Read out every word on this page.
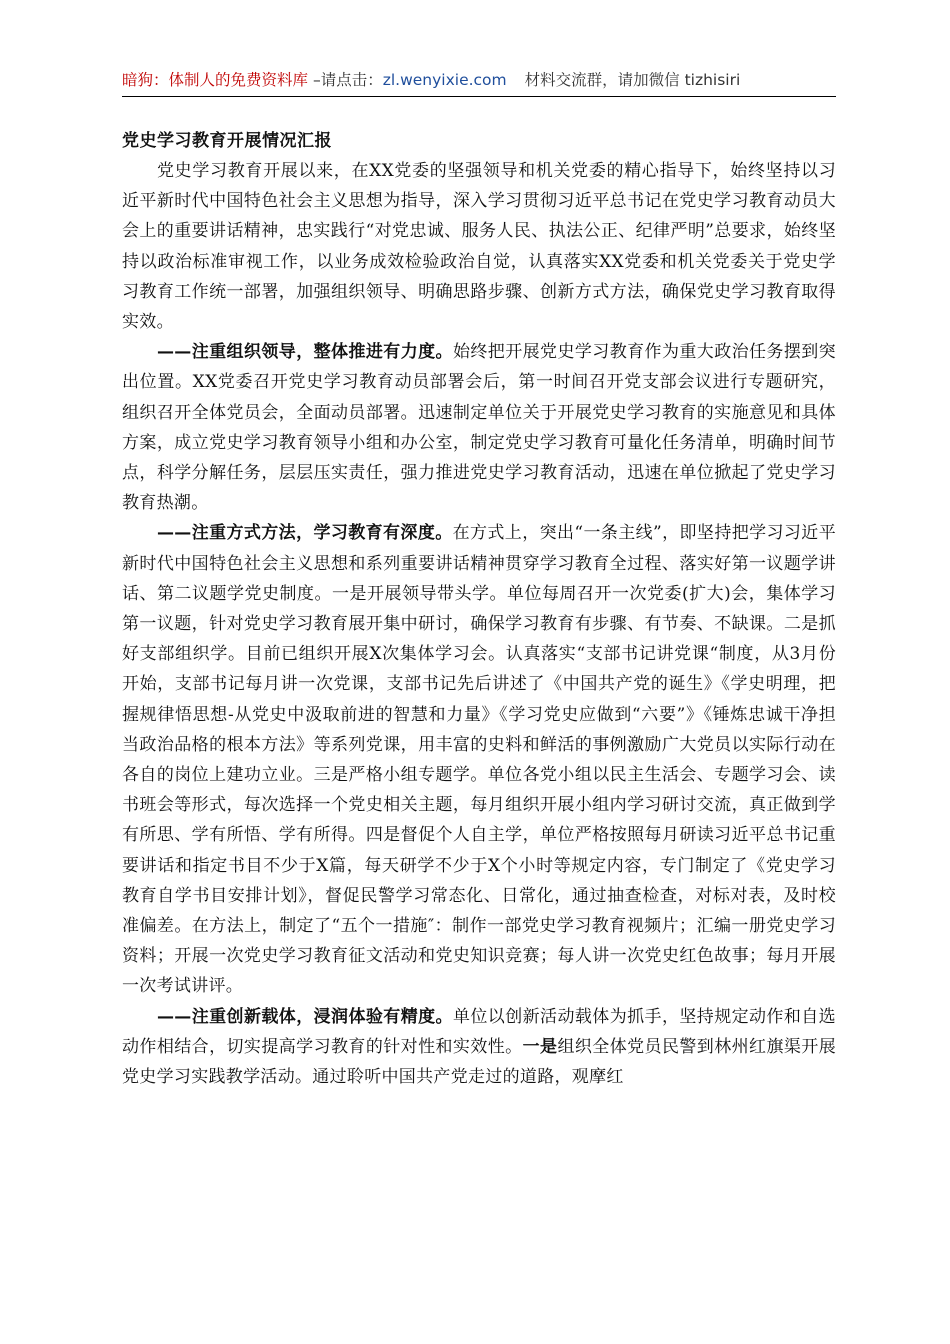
暗狗：体制人的免费资料库 –请点击：zl.wenyixie.com 材料交流群，请加微信 tizhisiri
党史学习教育开展情况汇报

党史学习教育开展以来，在XX党委的坚强领导和机关党委的精心指导下，始终坚持以习近平新时代中国特色社会主义思想为指导，深入学习贯彻习近平总书记在党史学习教育动员大会上的重要讲话精神，忠实践行“对党忠诚、服务人民、执法公正、纪律严明”总要求，始终坚持以政治标准审视工作，以业务成效检验政治自觉，认真落实XX党委和机关党委关于党史学习教育工作统一部署，加强组织领导、明确思路步骤、创新方式方法，确保党史学习教育取得实效。

——注重组织领导，整体推进有力度。始终把开展党史学习教育作为重大政治任务摆到突出位置。XX党委召开党史学习教育动员部署会后，第一时间召开党支部会议进行专题研究，组织召开全体党员会，全面动员部署。迅速制定单位关于开展党史学习教育的实施意见和具体方案，成立党史学习教育领导小组和办公室，制定党史学习教育可量化任务清单，明确时间节点，科学分解任务，层层压实责任，强力推进党史学习教育活动，迅速在单位掀起了党史学习教育热潮。

——注重方式方法，学习教育有深度。在方式上，突出“一条主线”，即坚持把学习习近平新时代中国特色社会主义思想和系列重要讲话精神贯穿学习教育全过程、落实好第一议题学讲话、第二议题学党史制度。一是开展领导带头学。单位每周召开一次党委(扩大)会，集体学习第一议题，针对党史学习教育展开集中研讨，确保学习教育有步骤、有节奏、不缺课。二是抓好支部组织学。目前已组织开展X次集体学习会。认真落实“支部书记讲党课“制度，从3月份开始，支部书记每月讲一次党课，支部书记先后讲述了《中国共产党的诞生》《学史明理，把握规律悟思想-从党史中汲取前进的智慧和力量》《学习党史应做到“六要”》《锤炼忠诚干净担当政治品格的根本方法》等系列党课，用丰富的史料和鲜活的事例激励广大党员以实际行动在各自的岗位上建功立业。三是严格小组专题学。单位各党小组以民主生活会、专题学习会、读书班会等形式，每次选择一个党史相关主题，每月组织开展小组内学习研讨交流，真正做到学有所思、学有所悟、学有所得。四是督促个人自主学，单位严格按照每月研读习近平总书记重要讲话和指定书目不少于X篇，每天研学不少于X个小时等规定内容，专门制定了《党史学习教育自学书目安排计划》，督促民警学习常态化、日常化，通过抽查检查，对标对表，及时校准偏差。在方法上，制定了“五个一措施″：制作一部党史学习教育视频片；汇编一册党史学习资料；开展一次党史学习教育征文活动和党史知识竞赛；每人讲一次党史红色故事；每月开展一次考试讲评。

——注重创新载体，浸润体验有精度。单位以创新活动载体为抓手，坚持规定动作和自选动作相结合，切实提高学习教育的针对性和实效性。一是组织全体党员民警到林州红旗渠开展党史学习实践教学活动。通过聆听中国共产党走过的道路，观摩红
